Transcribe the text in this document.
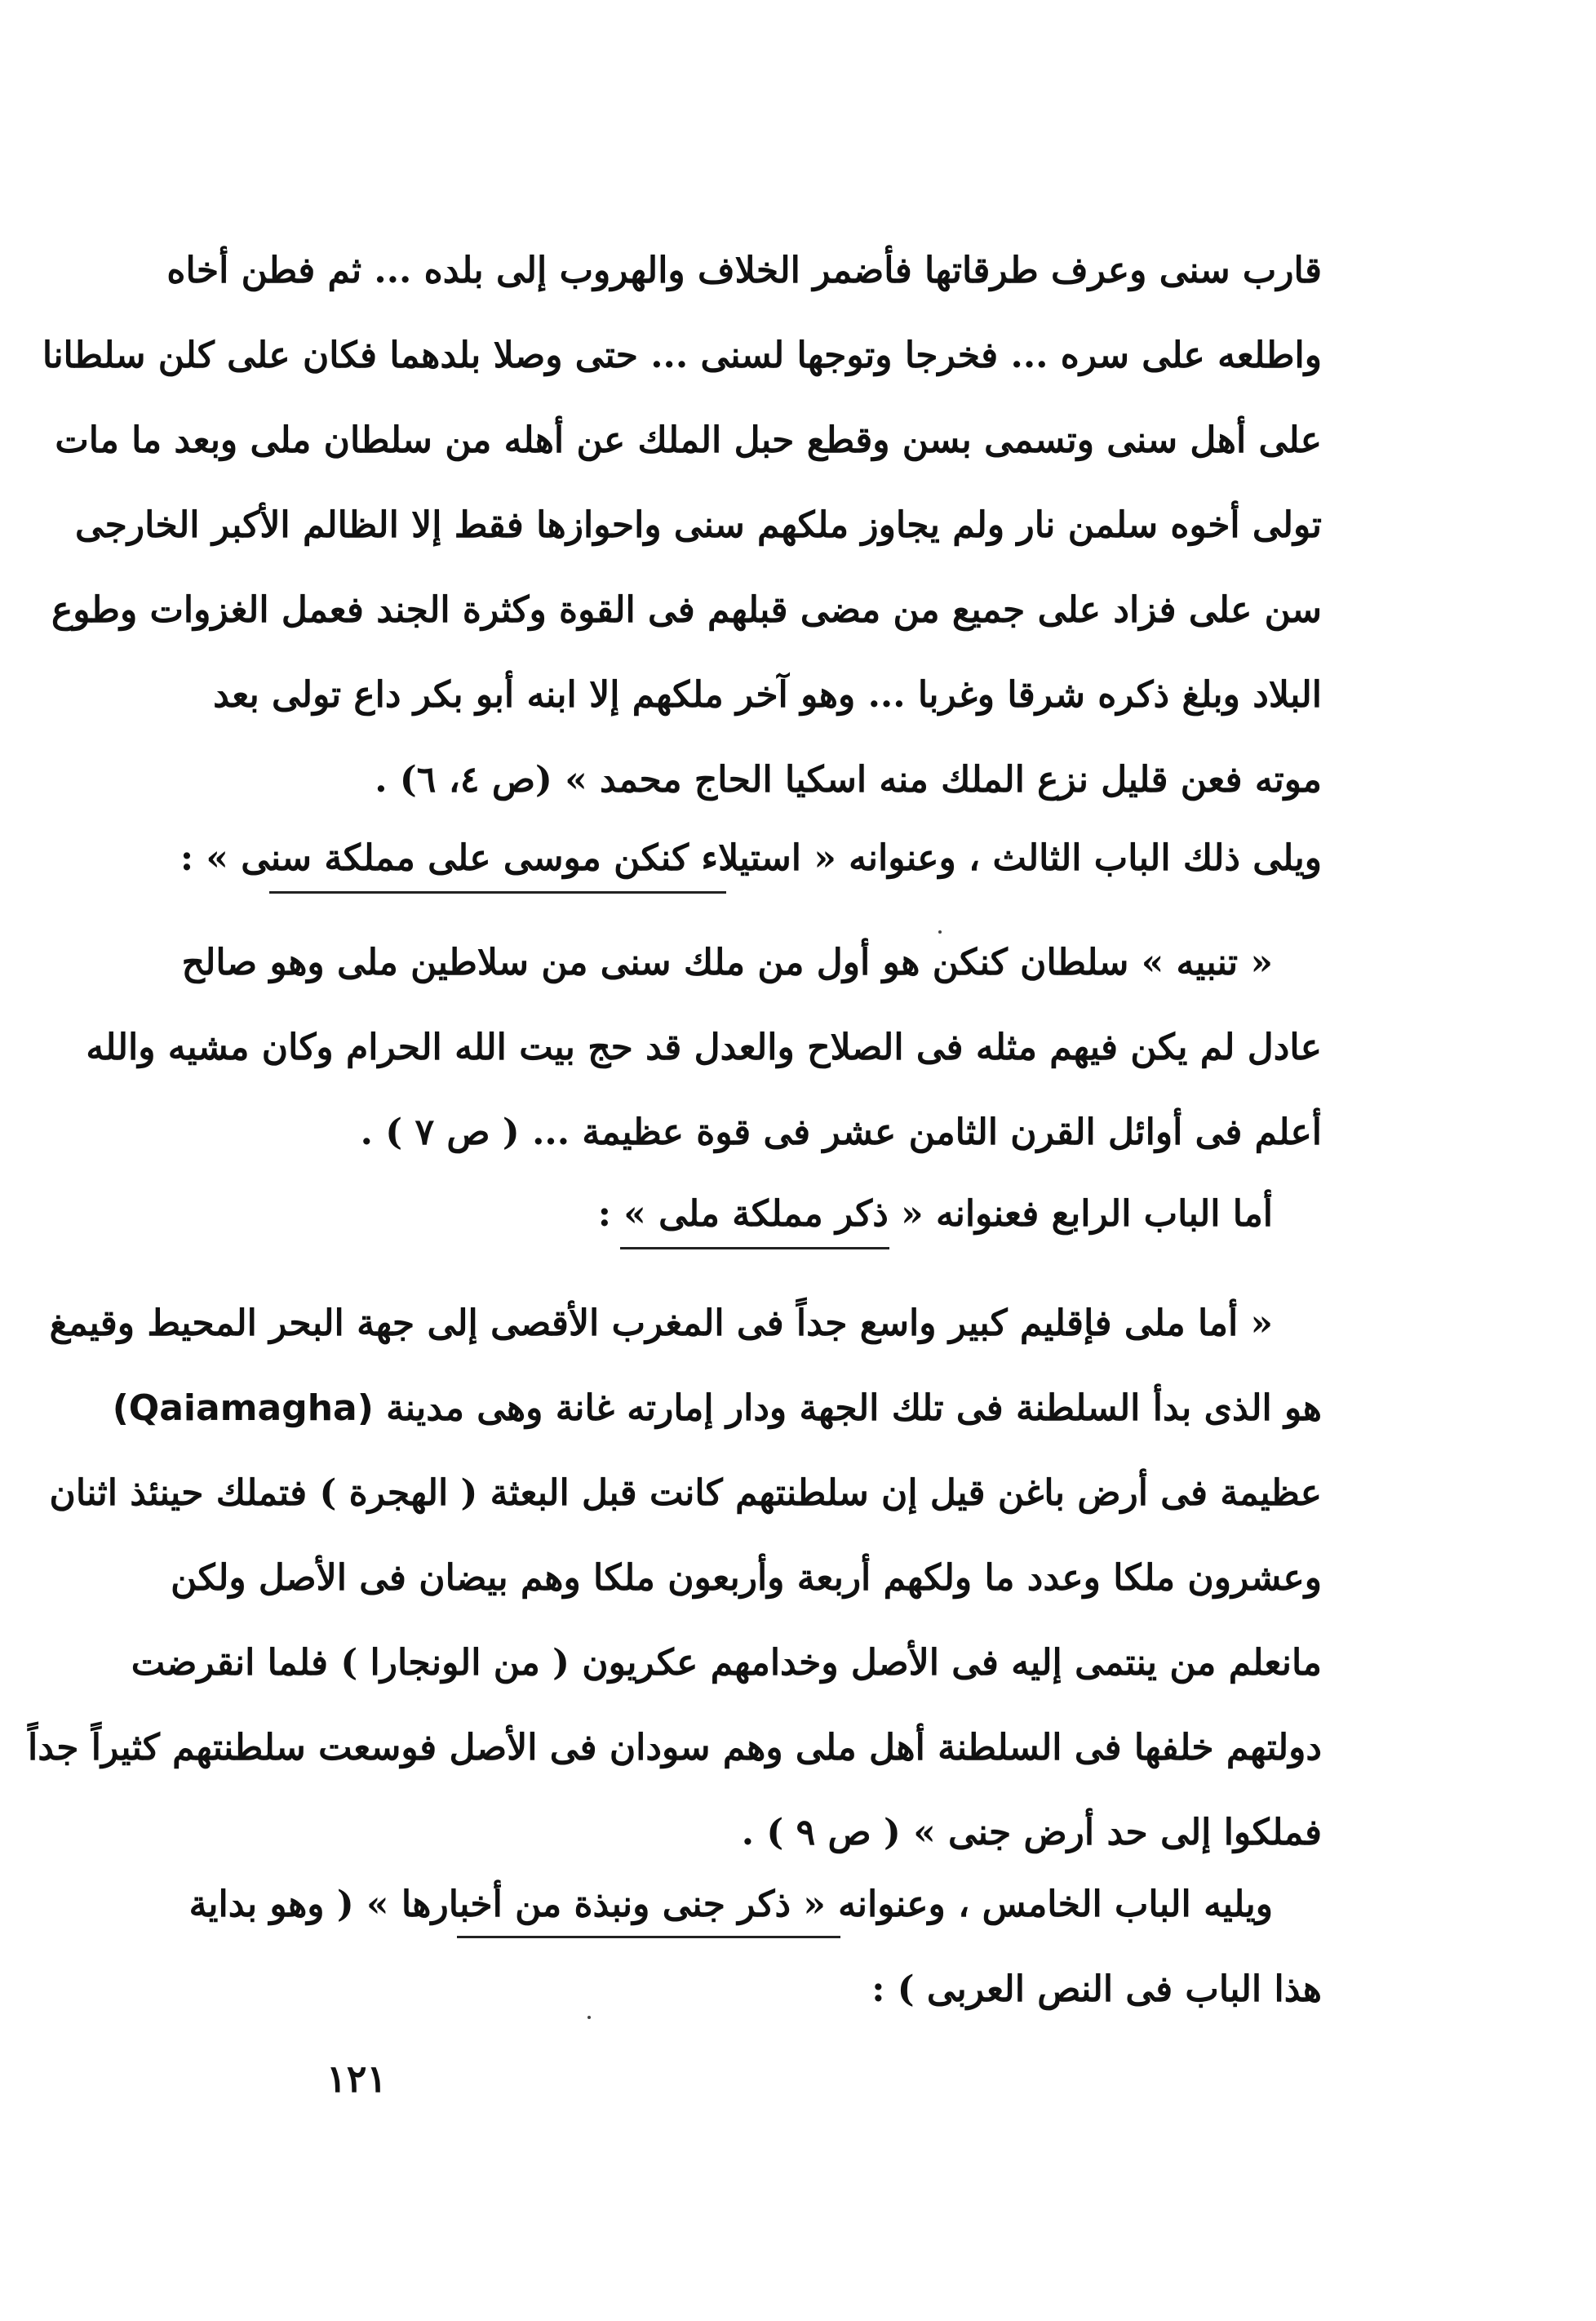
قارب سنى وعرف طرقاتها فأضمر الخلاف والهروب إلى بلده ... ثم فطن أخاه
واطلعه على سره ... فخرجا وتوجها لسنى ... حتى وصلا بلدهما فكان على كلن سلطانا
على أهل سنى وتسمى بسن وقطع حبل الملك عن أهله من سلطان ملى وبعد ما مات
تولى أخوه سلمن نار ولم يجاوز ملكهم سنى واحوازها فقط إلا الظالم الأكبر الخارجى
سن على فزاد على جميع من مضى قبلهم فى القوة وكثرة الجند فعمل الغزوات وطوع
البلاد وبلغ ذكره شرقا وغربا ... وهو آخر ملكهم إلا ابنه أبو بكر داع تولى بعد
موته فعن قليل نزع الملك منه اسكيا الحاج محمد » (ص ٤، ٦) .
ويلى ذلك الباب الثالث ، وعنوانه « استيلاء كنكن موسى على مملكة سنى » :
« تنبيه » سلطان كنكن هو أول من ملك سنى من سلاطين ملى وهو صالح
عادل لم يكن فيهم مثله فى الصلاح والعدل قد حج بيت الله الحرام وكان مشيه والله
أعلم فى أوائل القرن الثامن عشر فى قوة عظيمة ... ( ص ٧ ) .
أما الباب الرابع فعنوانه « ذكر مملكة ملى » :
« أما ملى فإقليم كبير واسع جداً فى المغرب الأقصى إلى جهة البحر المحيط وقيمغ
هو الذى بدأ السلطنة فى تلك الجهة ودار إمارته غانة وهى مدينة (Qaiamagha)
عظيمة فى أرض باغن قيل إن سلطنتهم كانت قبل البعثة ( الهجرة ) فتملك حينئذ اثنان
وعشرون ملكا وعدد ما ولكهم أربعة وأربعون ملكا وهم بيضان فى الأصل ولكن
مانعلم من ينتمى إليه فى الأصل وخدامهم عكريون ( من الونجارا ) فلما انقرضت
دولتهم خلفها فى السلطنة أهل ملى وهم سودان فى الأصل فوسعت سلطنتهم كثيراً جداً
فملكوا إلى حد أرض جنى » ( ص ٩ ) .
ويليه الباب الخامس ، وعنوانه « ذكر جنى ونبذة من أخبارها » ( وهو بداية
هذا الباب فى النص العربى ) :
١٢١
